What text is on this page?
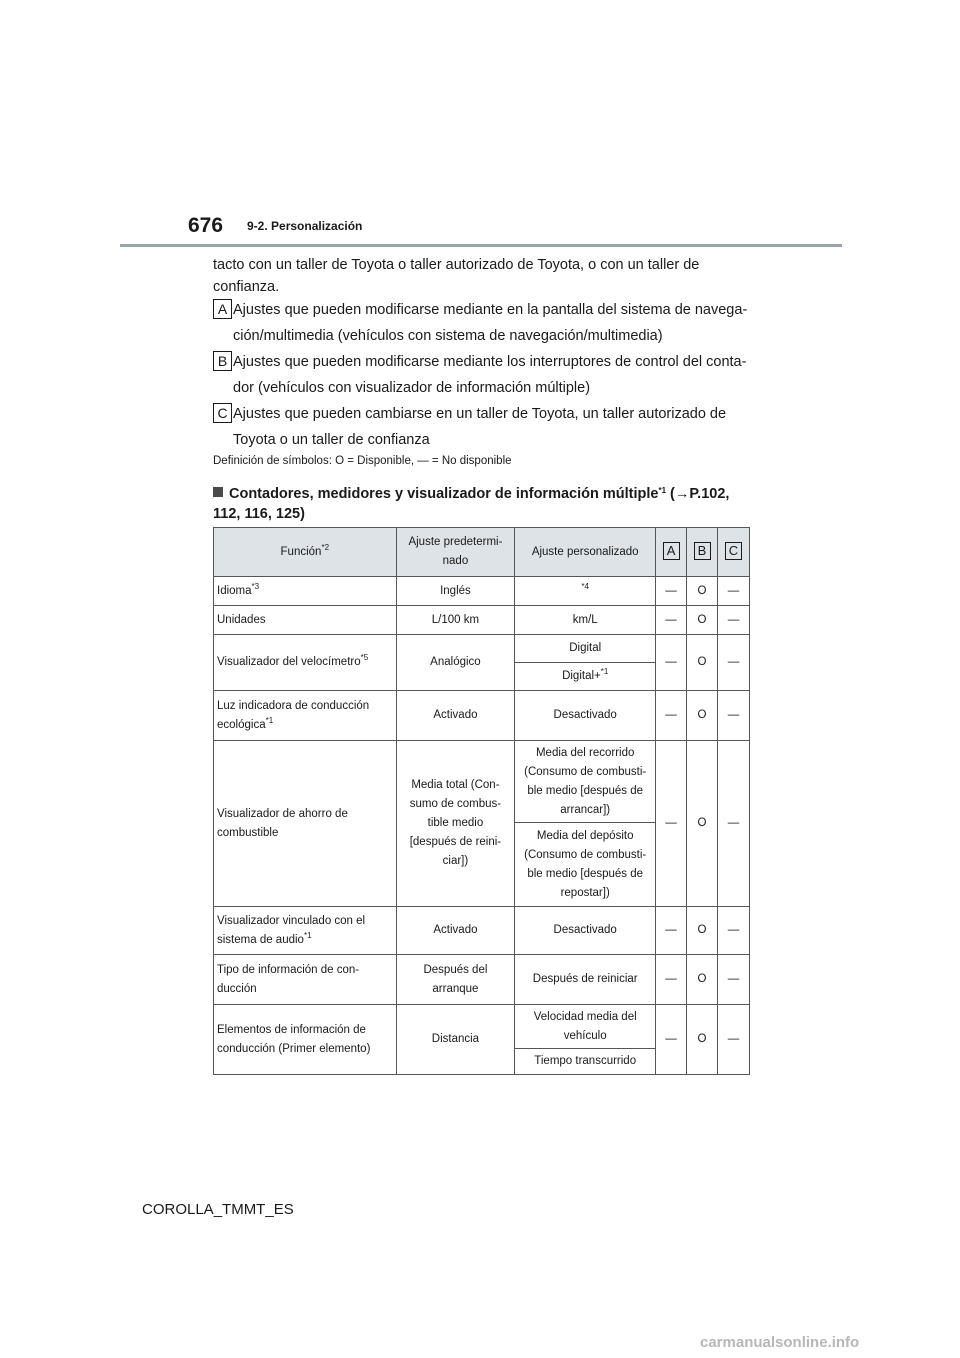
676 9-2. Personalización
tacto con un taller de Toyota o taller autorizado de Toyota, o con un taller de confianza.
A Ajustes que pueden modificarse mediante en la pantalla del sistema de navega-
ción/multimedia (vehículos con sistema de navegación/multimedia)
B Ajustes que pueden modificarse mediante los interruptores de control del conta-
dor (vehículos con visualizador de información múltiple)
C Ajustes que pueden cambiarse en un taller de Toyota, un taller autorizado de
Toyota o un taller de confianza
Definición de símbolos: O = Disponible, — = No disponible
Contadores, medidores y visualizador de información múltiple$^{*1}$ (→P.102, 112, 116, 125)
Función$^{*2}$	Ajuste predetermi-nado	Ajuste personalizado	A	B	C
Idioma$^{*3}$	Inglés	$^{*4}$	—	O	—
Unidades	L/100 km	km/L	—	O	—
Visualizador del velocímetro$^{*5}$	Analógico	Digital	—	O	—
		Digital+$^{*1}$
Luz indicadora de conducción
ecológica$^{*1}$	Activado	Desactivado	—	O	—
Visualizador de ahorro de
combustible	Media total (Con-
sumo de combus-
tible medio
[después de reini-
ciar])	Media del recorrido
(Consumo de combusti-
ble medio [después de
arrancar])	—	O	—
		Media del depósito
(Consumo de combusti-
ble medio [después de
repostar])			
Visualizador vinculado con el
sistema de audio$^{*1}$	Activado	Desactivado	—	O	—
Tipo de información de con-
ducción	Después del
arranque	Después de reiniciar	—	O	—
Elementos de información de
conducción (Primer elemento)	Distancia	Velocidad media del
vehículo	—	O	—
		Tiempo transcurrido			
COROLLA_TMMT_ES
carmanualsonline.info
